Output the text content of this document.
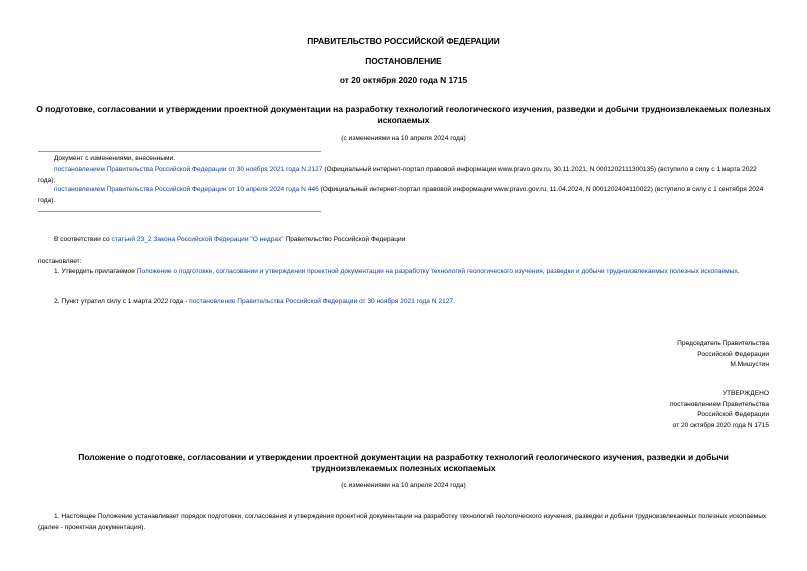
ПРАВИТЕЛЬСТВО РОССИЙСКОЙ ФЕДЕРАЦИИ
ПОСТАНОВЛЕНИЕ
от 20 октября 2020 года N 1715
О подготовке, согласовании и утверждении проектной документации на разработку технологий геологического изучения, разведки и добычи трудноизвлекаемых полезных ископаемых
(с изменениями на 10 апреля 2024 года)
Документ с изменениями, внесенными:
постановлением Правительства Российской Федерации от 30 ноября 2021 года N 2127 (Официальный интернет-портал правовой информации www.pravo.gov.ru, 30.11.2021, N 0001202111300135) (вступило в силу с 1 марта 2022 года);
постановлением Правительства Российской Федерации от 10 апреля 2024 года N 446 (Официальный интернет-портал правовой информации www.pravo.gov.ru, 11.04.2024, N 0001202404110022) (вступило в силу с 1 сентября 2024 года).
В соответствии со статьей 23_2 Закона Российской Федерации "О недрах" Правительство Российской Федерации
постановляет:
1. Утвердить прилагаемое Положение о подготовке, согласовании и утверждении проектной документации на разработку технологий геологического изучения, разведки и добычи трудноизвлекаемых полезных ископаемых.
2. Пункт утратил силу с 1 марта 2022 года - постановление Правительства Российской Федерации от 30 ноября 2021 года N 2127.
Председатель Правительства
Российской Федерации
М.Мишустин
УТВЕРЖДЕНО
постановлением Правительства
Российской Федерации
от 20 октября 2020 года N 1715
Положение о подготовке, согласовании и утверждении проектной документации на разработку технологий геологического изучения, разведки и добычи трудноизвлекаемых полезных ископаемых
(с изменениями на 10 апреля 2024 года)
1. Настоящее Положение устанавливает порядок подготовки, согласования и утверждения проектной документации на разработку технологий геологического изучения, разведки и добычи трудноизвлекаемых полезных ископаемых (далее - проектная документация).
